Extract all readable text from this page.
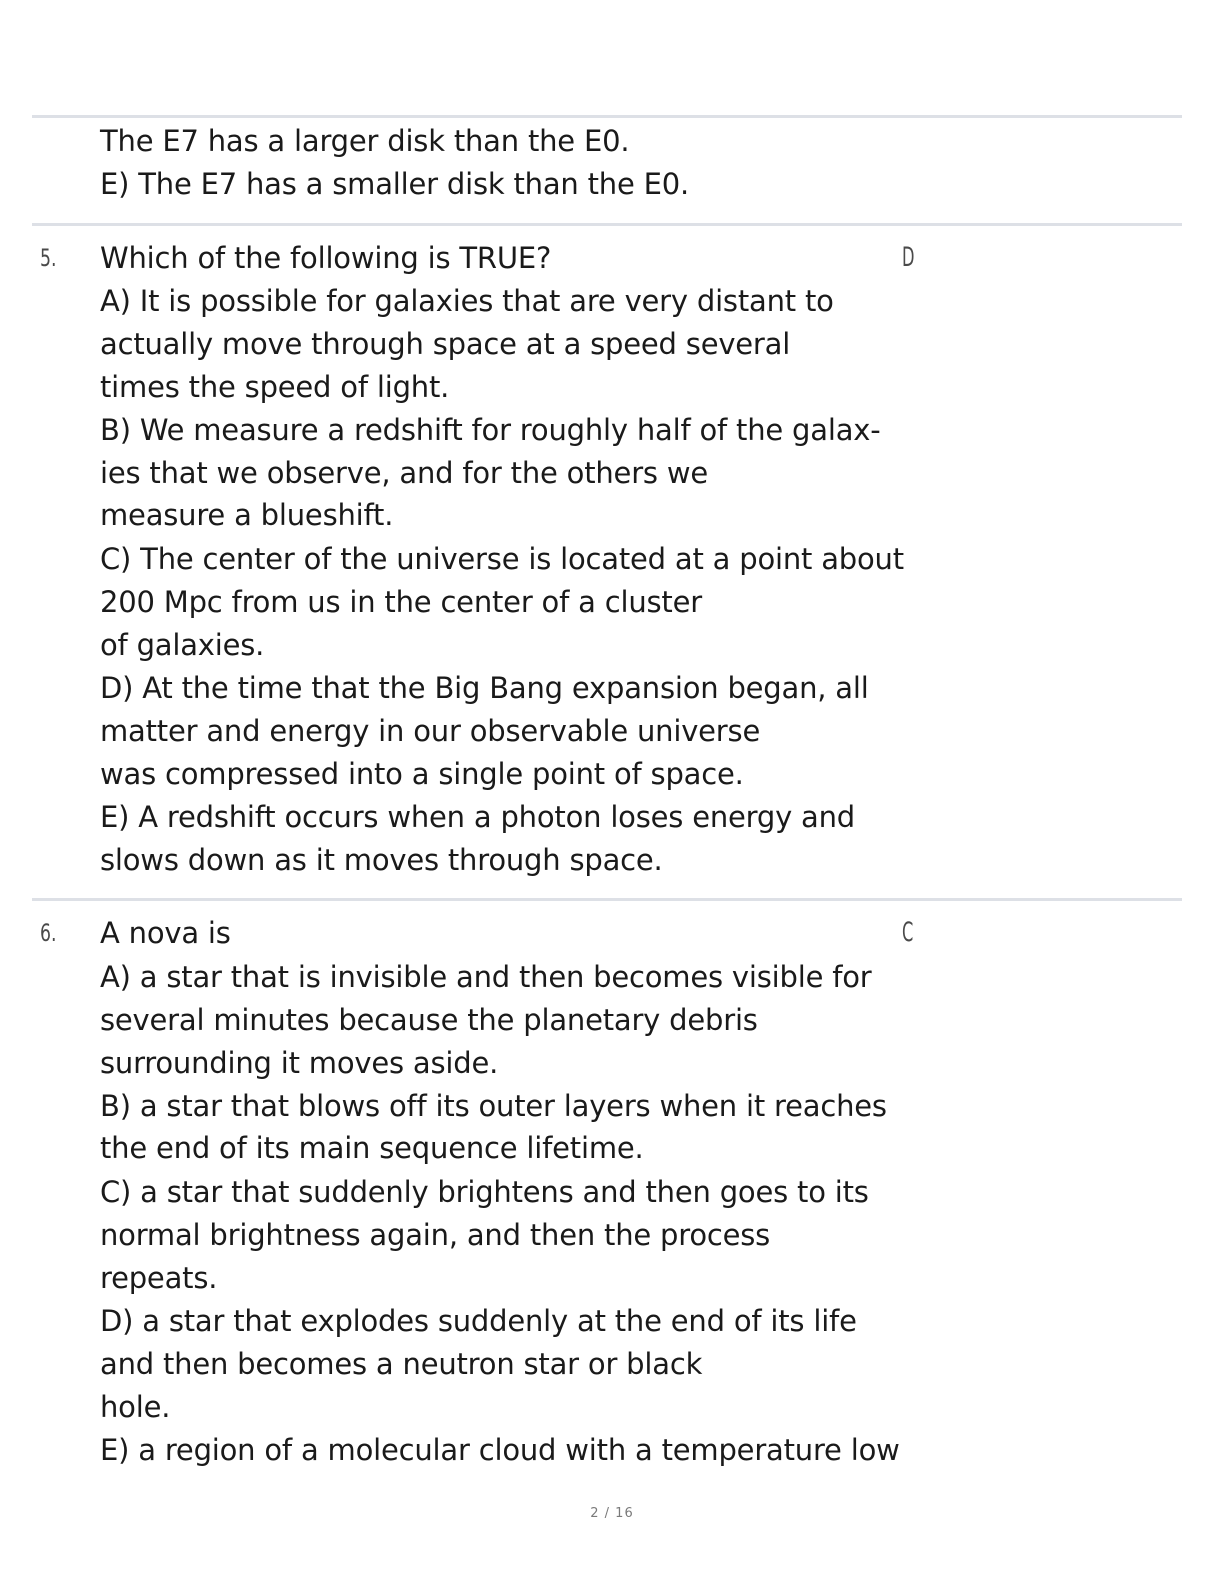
The E7 has a larger disk than the E0.
E) The E7 has a smaller disk than the E0.
5.	D
Which of the following is TRUE?
A) It is possible for galaxies that are very distant to
actually move through space at a speed several
times the speed of light.
B) We measure a redshift for roughly half of the galax-
ies that we observe, and for the others we
measure a blueshift.
C) The center of the universe is located at a point about
200 Mpc from us in the center of a cluster
of galaxies.
D) At the time that the Big Bang expansion began, all
matter and energy in our observable universe
was compressed into a single point of space.
E) A redshift occurs when a photon loses energy and
slows down as it moves through space.
6.	C
A nova is
A) a star that is invisible and then becomes visible for
several minutes because the planetary debris
surrounding it moves aside.
B) a star that blows off its outer layers when it reaches
the end of its main sequence lifetime.
C) a star that suddenly brightens and then goes to its
normal brightness again, and then the process
repeats.
D) a star that explodes suddenly at the end of its life
and then becomes a neutron star or black
hole.
E) a region of a molecular cloud with a temperature low
2 / 16
